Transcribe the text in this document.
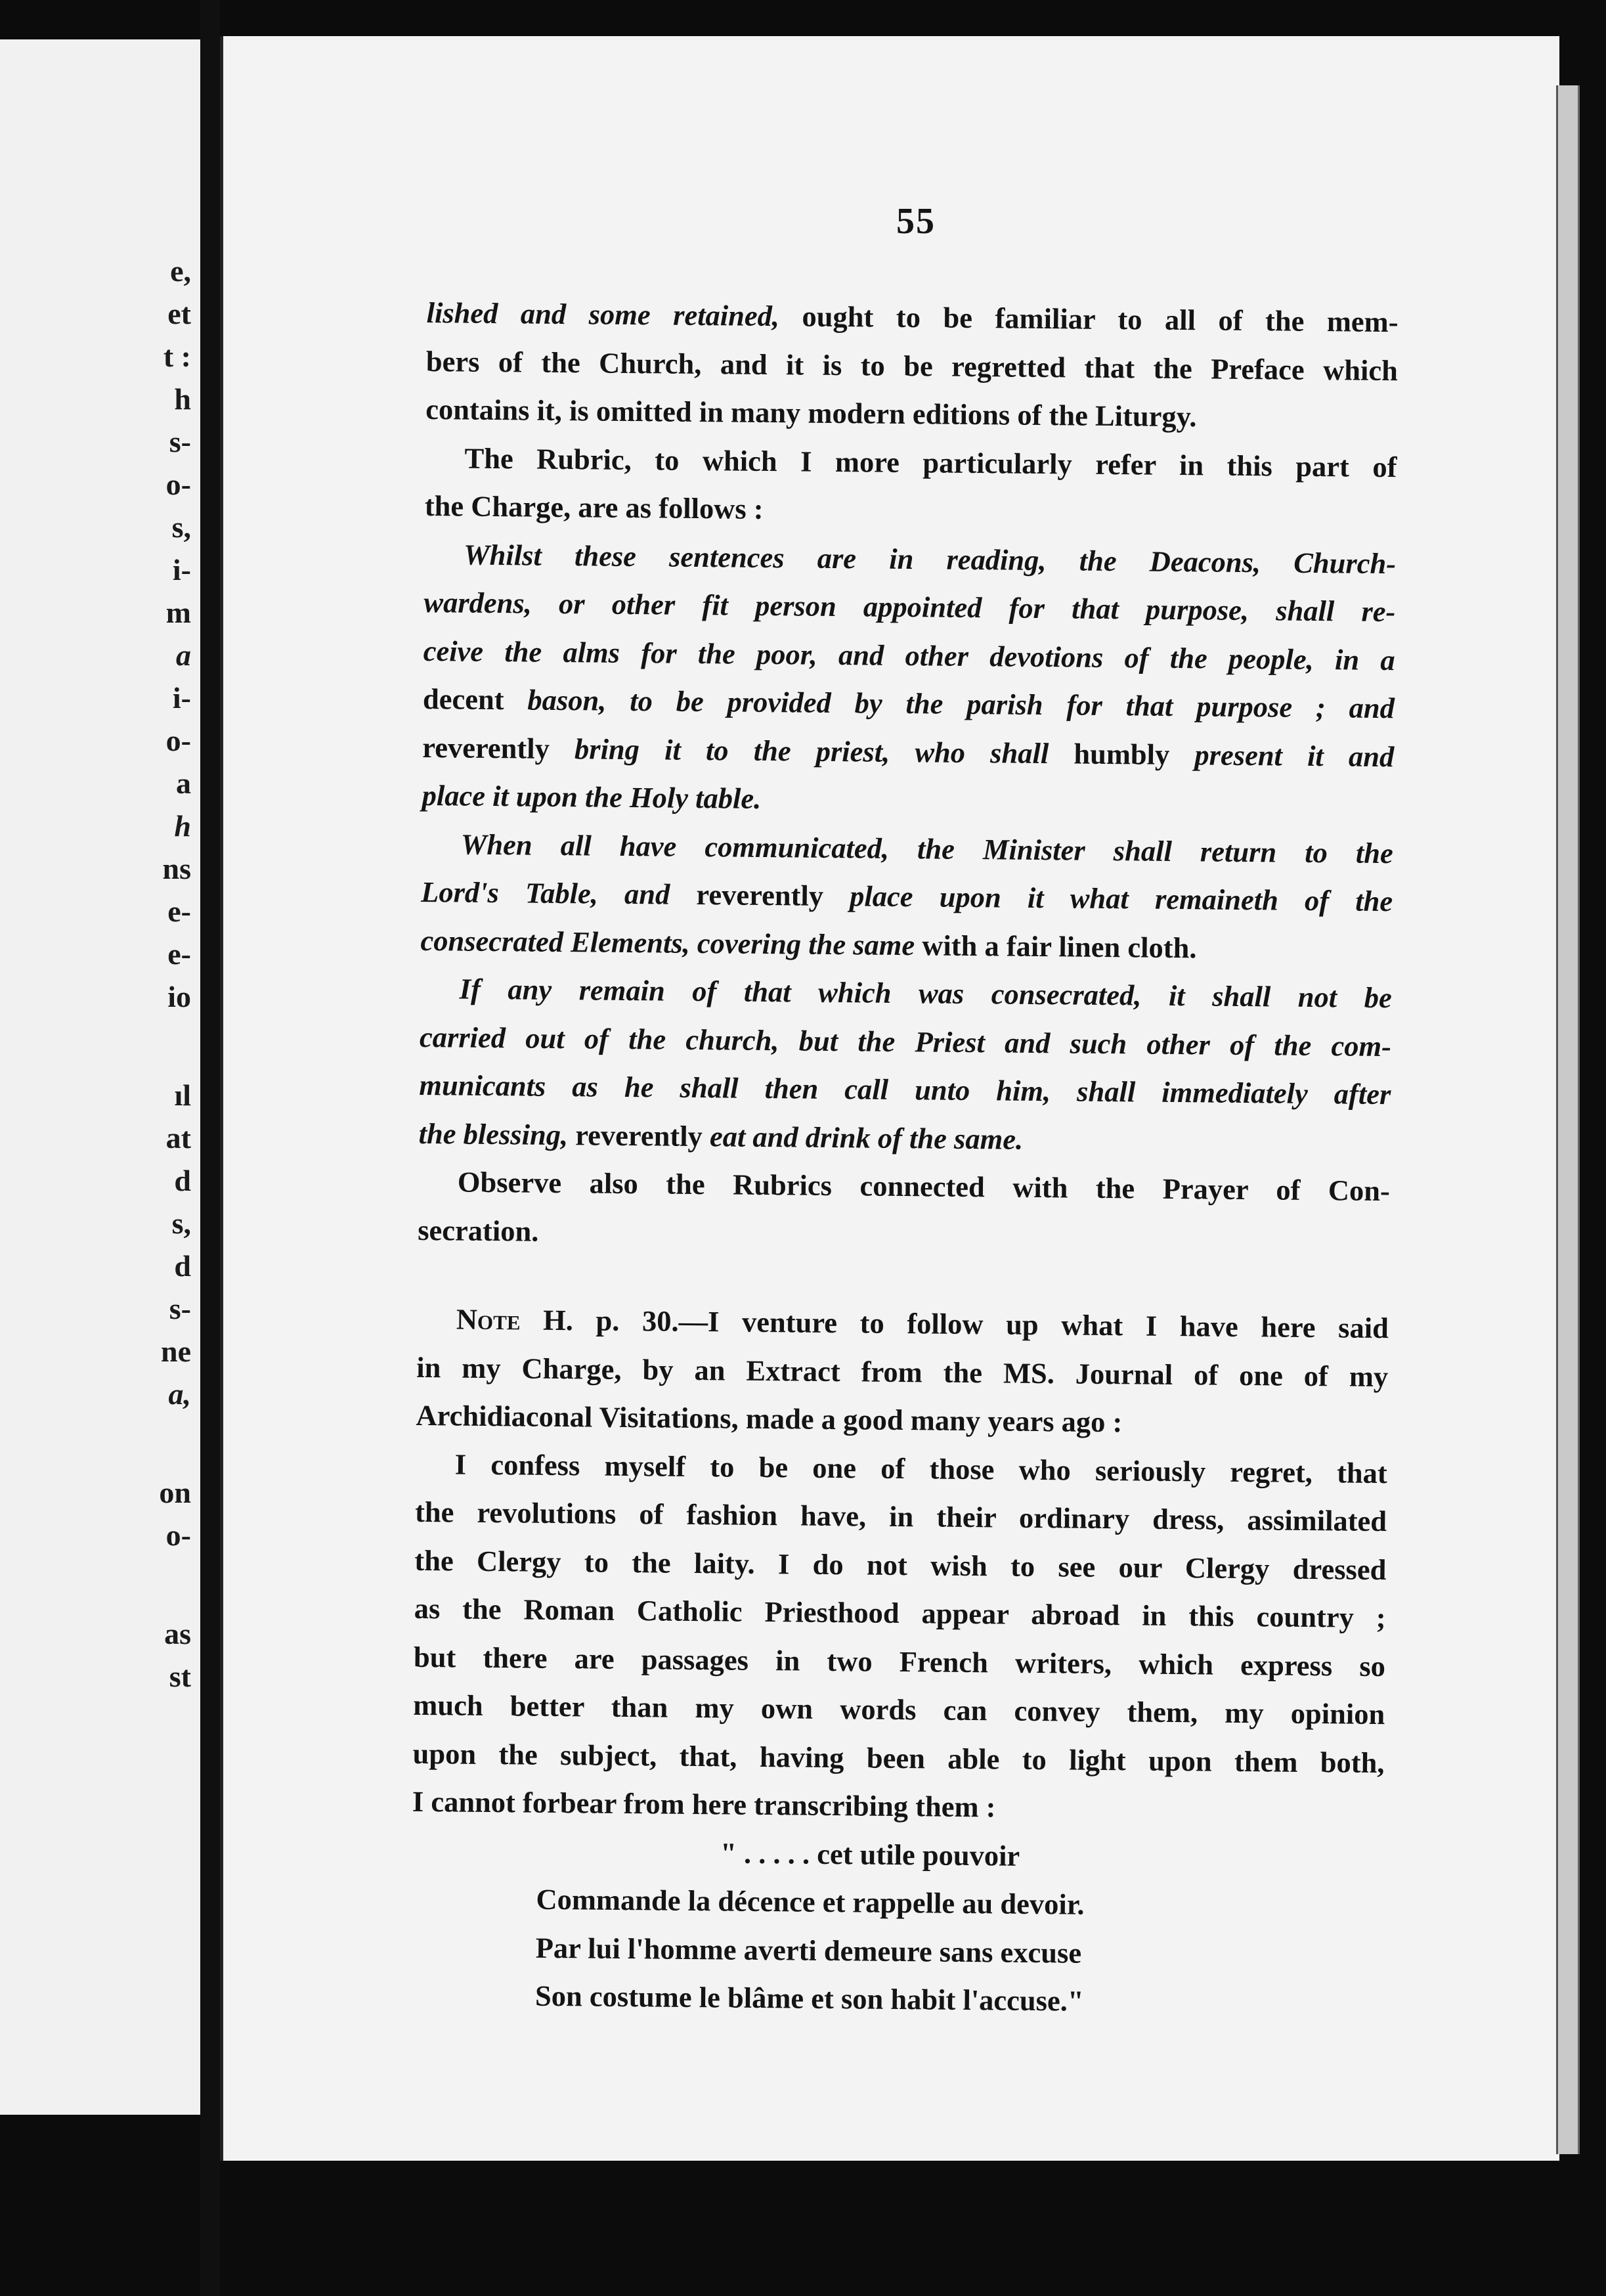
e,
et
t :
h
s-
o-
s,
i-
m
a
i-
o-
a
h
ns
e-
e-
io
ıl
at
d
s,
d
s-
ne
a,
on
o-
as
st
55
lished and some retained, ought to be familiar to all of the mem-
bers of the Church, and it is to be regretted that the Preface which
contains it, is omitted in many modern editions of the Liturgy.
The Rubric, to which I more particularly refer in this part of
the Charge, are as follows :
Whilst these sentences are in reading, the Deacons, Church-
wardens, or other fit person appointed for that purpose, shall re-
ceive the alms for the poor, and other devotions of the people, in a
decent bason, to be provided by the parish for that purpose ; and
reverently bring it to the priest, who shall humbly present it and
place it upon the Holy table.
When all have communicated, the Minister shall return to the
Lord's Table, and reverently place upon it what remaineth of the
consecrated Elements, covering the same with a fair linen cloth.
If any remain of that which was consecrated, it shall not be
carried out of the church, but the Priest and such other of the com-
municants as he shall then call unto him, shall immediately after
the blessing, reverently eat and drink of the same.
Observe also the Rubrics connected with the Prayer of Con-
secration.
Note H. p. 30.—I venture to follow up what I have here said
in my Charge, by an Extract from the MS. Journal of one of my
Archidiaconal Visitations, made a good many years ago :
I confess myself to be one of those who seriously regret, that
the revolutions of fashion have, in their ordinary dress, assimilated
the Clergy to the laity. I do not wish to see our Clergy dressed
as the Roman Catholic Priesthood appear abroad in this country ;
but there are passages in two French writers, which express so
much better than my own words can convey them, my opinion
upon the subject, that, having been able to light upon them both,
I cannot forbear from here transcribing them :
" . . . . . cet utile pouvoir
Commande la décence et rappelle au devoir.
Par lui l'homme averti demeure sans excuse
Son costume le blâme et son habit l'accuse."
